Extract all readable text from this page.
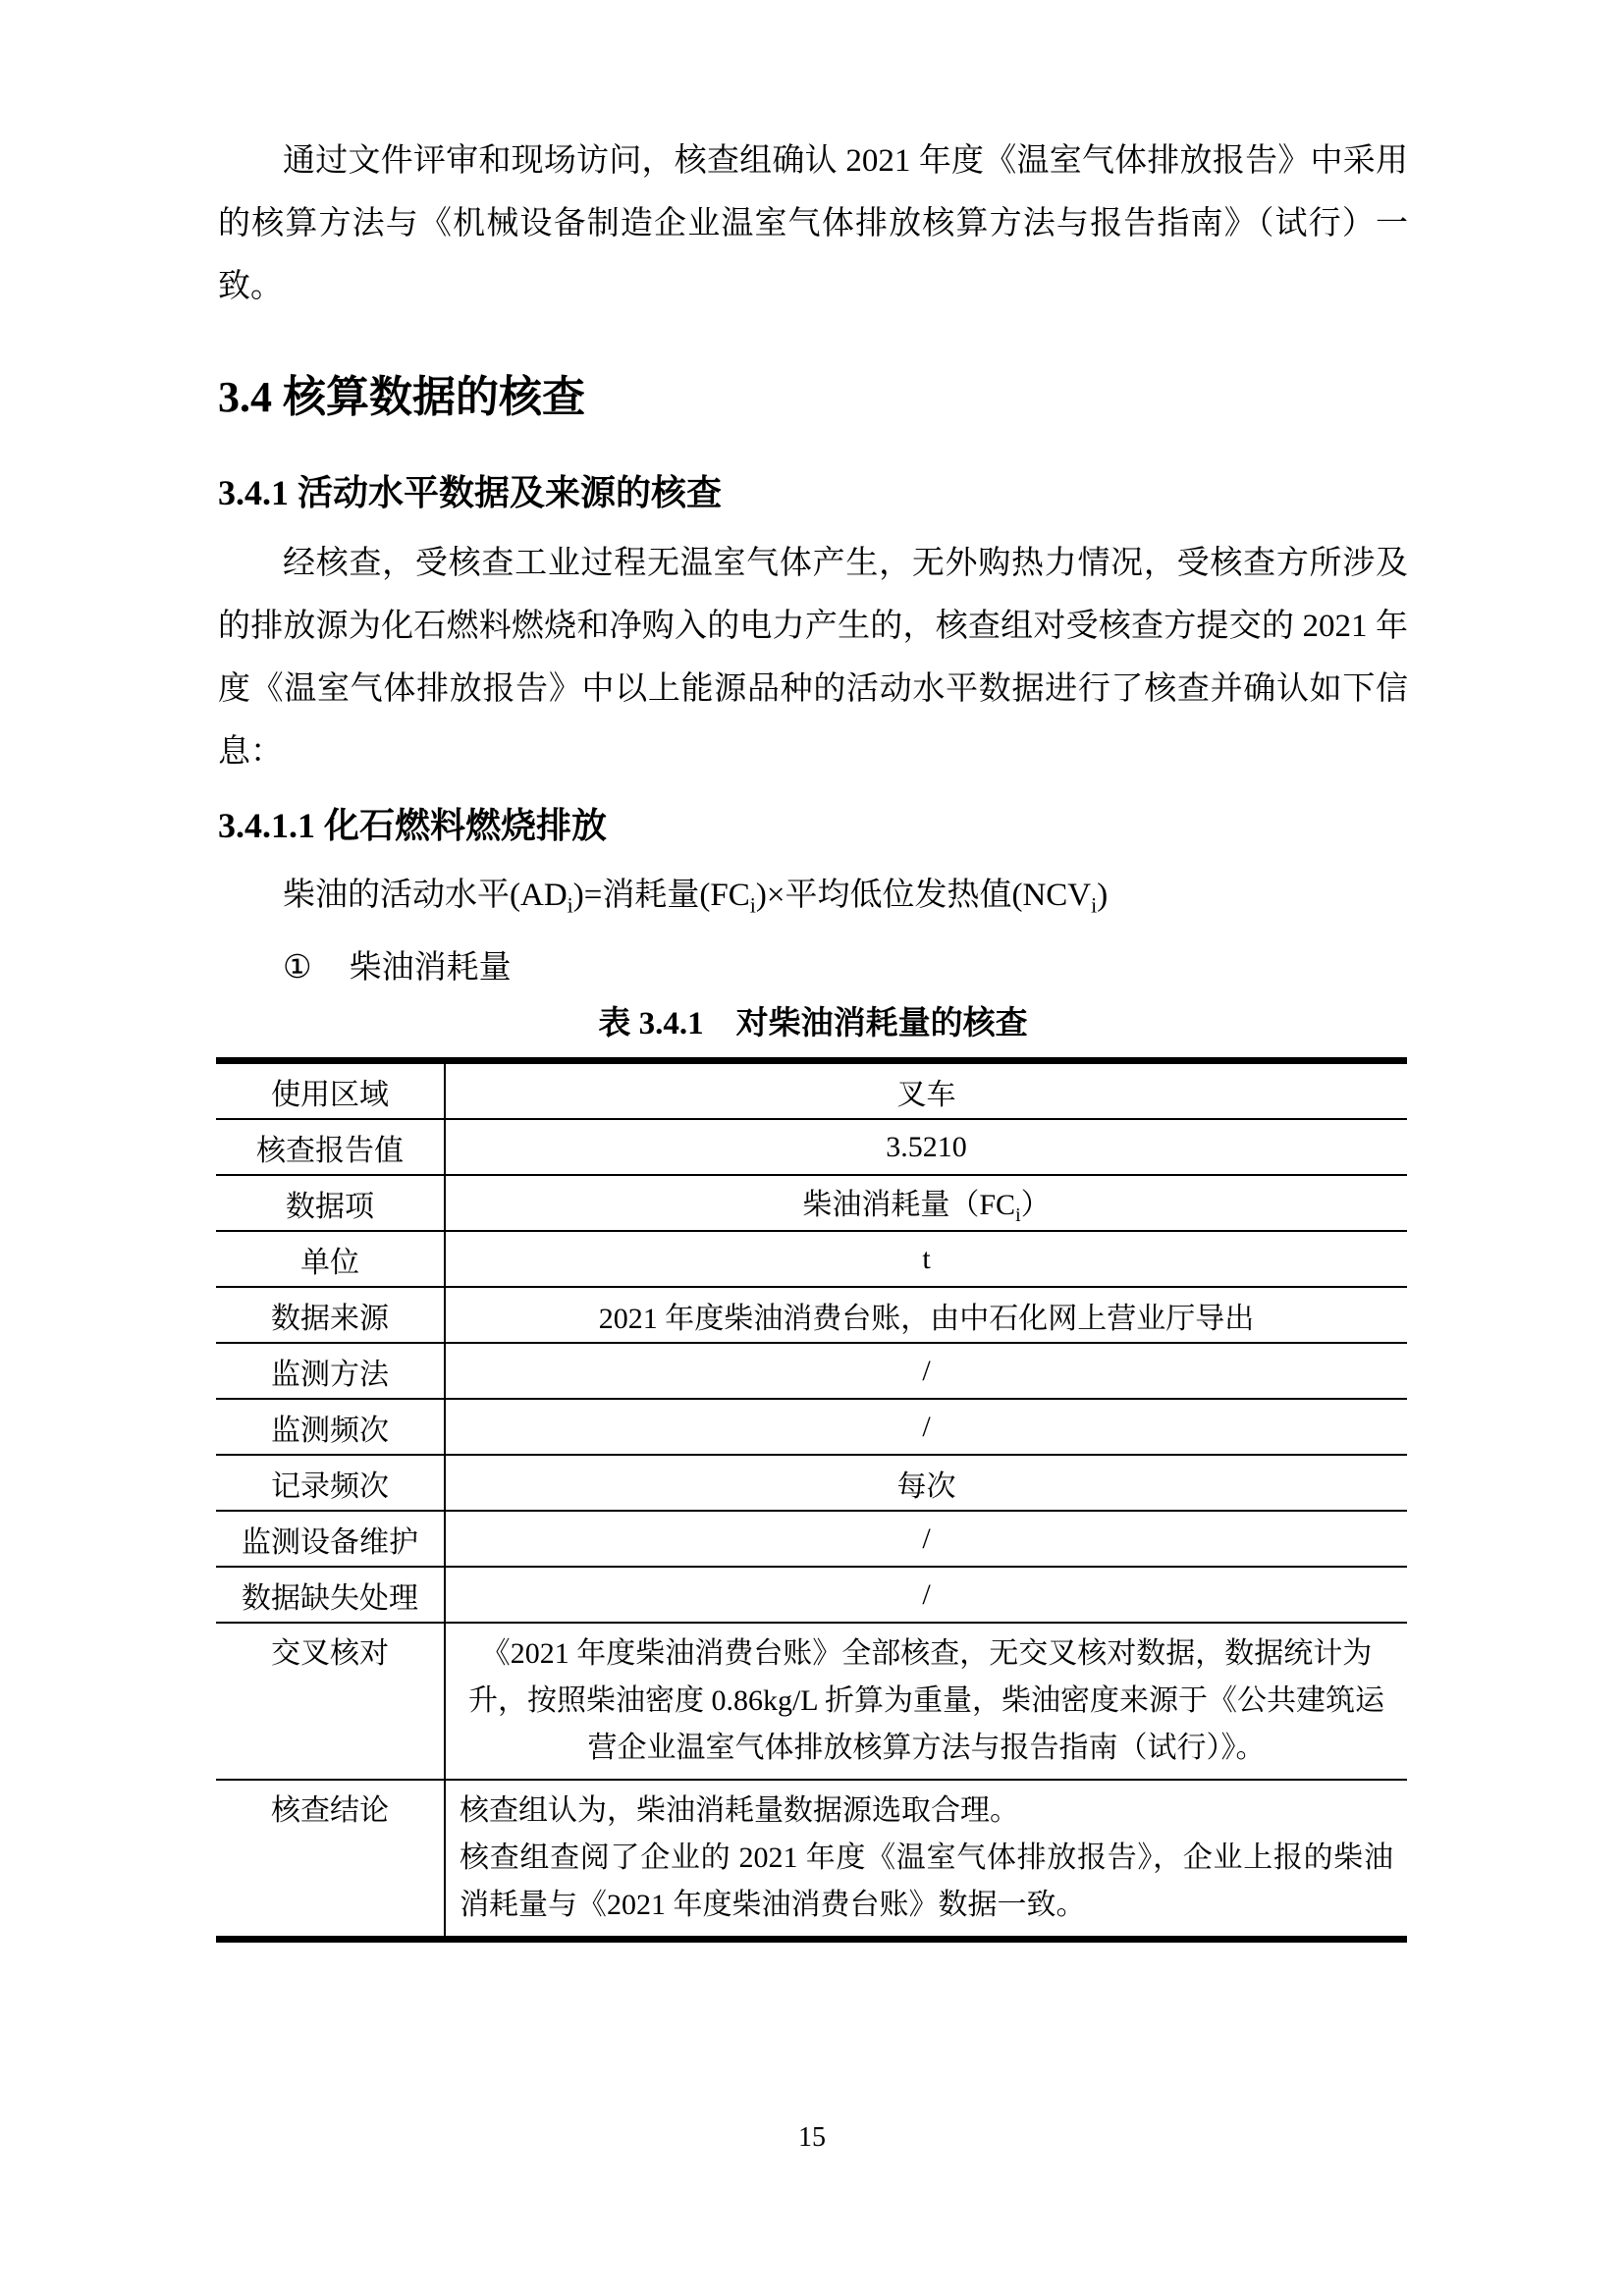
通过文件评审和现场访问，核查组确认 2021 年度《温室气体排放报告》中采用的核算方法与《机械设备制造企业温室气体排放核算方法与报告指南》（试行）一致。

3.4 核算数据的核查
3.4.1 活动水平数据及来源的核查

经核查，受核查工业过程无温室气体产生，无外购热力情况，受核查方所涉及的排放源为化石燃料燃烧和净购入的电力产生的，核查组对受核查方提交的 2021 年度《温室气体排放报告》中以上能源品种的活动水平数据进行了核查并确认如下信息：

3.4.1.1 化石燃料燃烧排放

柴油的活动水平$(AD_i)=$消耗量$(FC_i)\times$平均低位发热值$(NCV_i)$

① 柴油消耗量

表 3.4.1　对柴油消耗量的核查

使用区域	叉车
核查报告值	3.5210
数据项	柴油消耗量$(FC_i)$
单位	t
数据来源	2021 年度柴油消费台账，由中石化网上营业厅导出
监测方法	/
监测频次	/
记录频次	每次
监测设备维护	/
数据缺失处理	/
交叉核对	《2021 年度柴油消费台账》全部核查，无交叉核对数据，数据统计为升，按照柴油密度 0.86kg/L 折算为重量，柴油密度来源于《公共建筑运营企业温室气体排放核算方法与报告指南（试行）》。
核查结论	核查组认为，柴油消耗量数据源选取合理。
核查组查阅了企业的 2021 年度《温室气体排放报告》，企业上报的柴油消耗量与《2021 年度柴油消费台账》数据一致。
15
